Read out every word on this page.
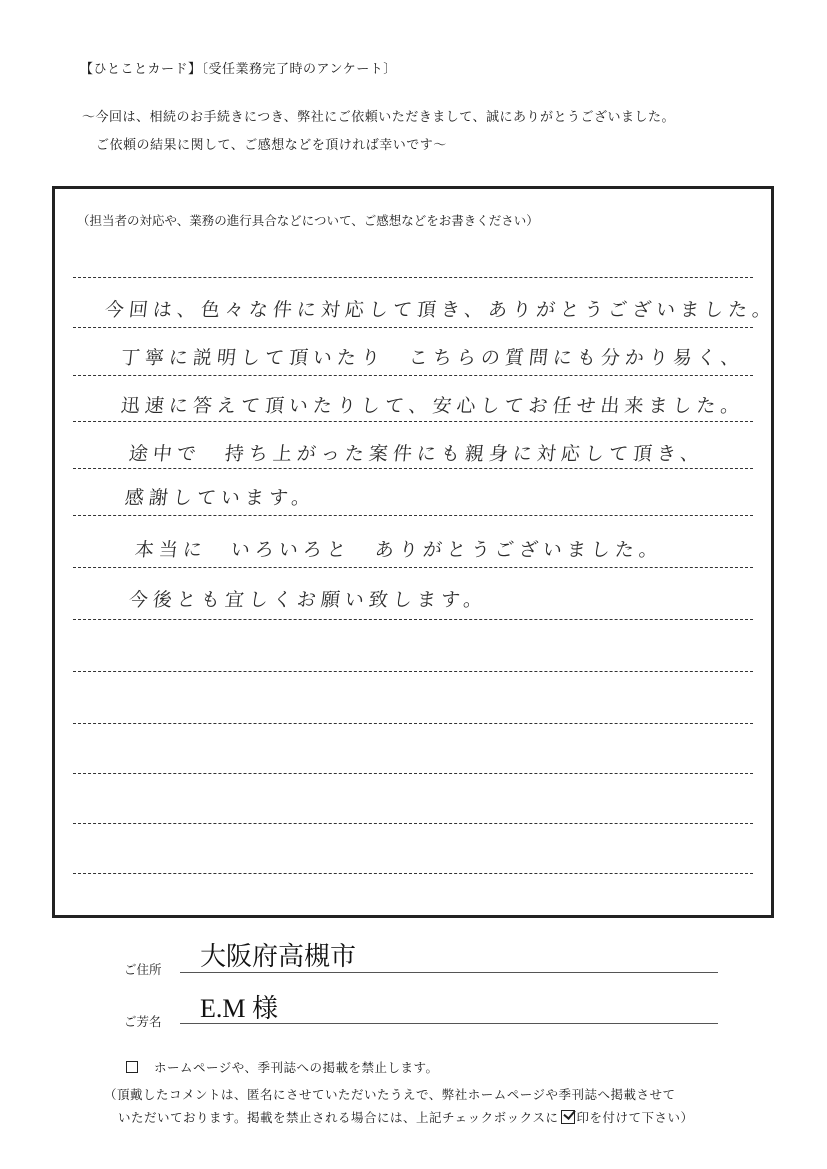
【ひとことカード】〔受任業務完了時のアンケート〕
～今回は、相続のお手続きにつき、弊社にご依頼いただきまして、誠にありがとうございました。
ご依頼の結果に関して、ご感想などを頂ければ幸いです～
（担当者の対応や、業務の進行具合などについて、ご感想などをお書きください）
今回は、色々な件に対応して頂き、ありがとうございました。
丁寧に説明して頂いたり　こちらの質問にも分かり易く、
迅速に答えて頂いたりして、安心してお任せ出来ました。
途中で　持ち上がった案件にも親身に対応して頂き、
感謝しています。
本当に　いろいろと　ありがとうございました。
今後とも宜しくお願い致します。
ご住所 大阪府高槻市
ご芳名 E.M 様
ホームページや、季刊誌への掲載を禁止します。
（頂戴したコメントは、匿名にさせていただいたうえで、弊社ホームページや季刊誌へ掲載させて
いただいております。掲載を禁止される場合には、上記チェックボックスに 印を付けて下さい）
